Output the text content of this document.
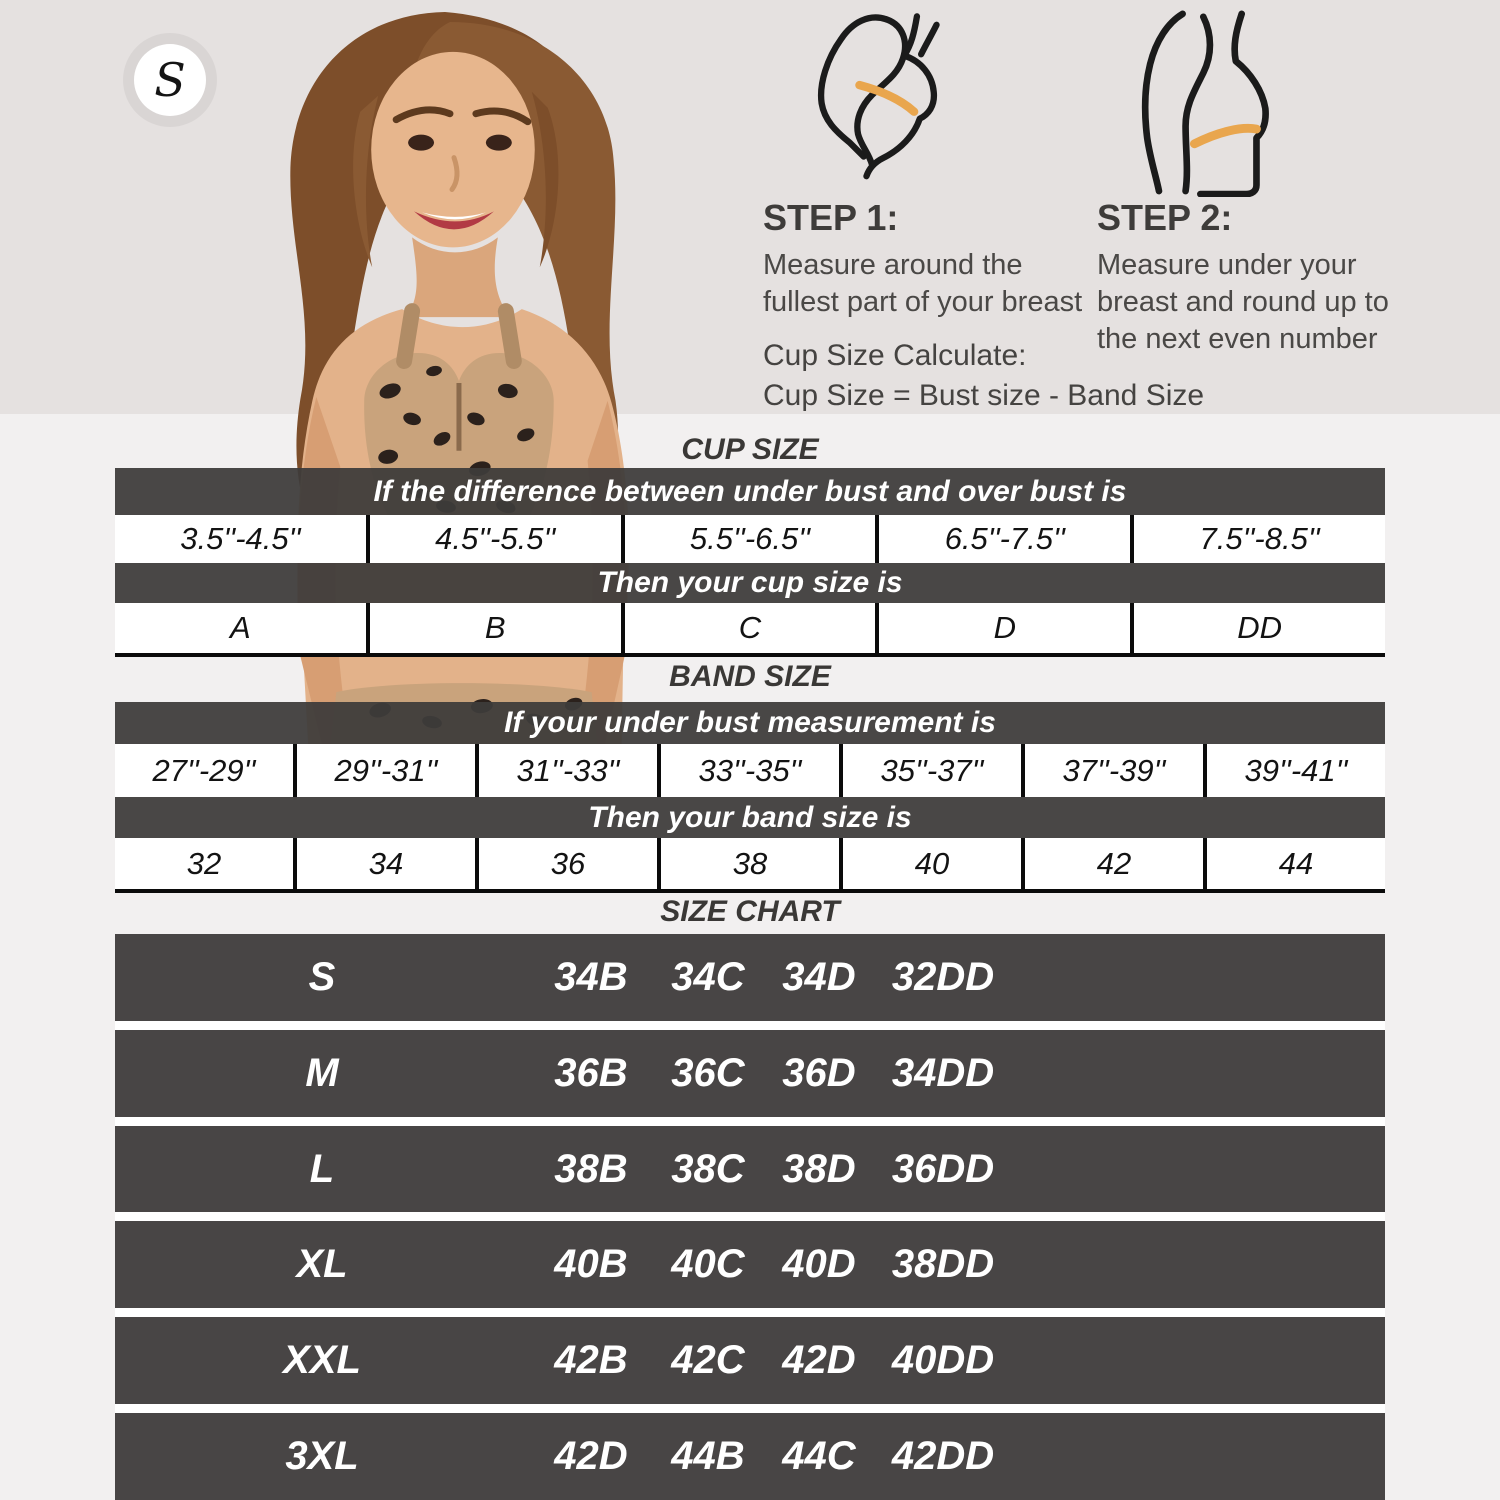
S
STEP 1:
Measure around the
fullest part of your breast
STEP 2:
Measure under your
breast and round up to
the next even number
Cup Size Calculate:
Cup Size = Bust size - Band Size
CUP SIZE
If the difference between under bust and over bust is
3.5''-4.5''	4.5''-5.5''	5.5''-6.5''	6.5''-7.5''	7.5''-8.5''
Then your cup size is
A	B	C	D	DD
BAND SIZE
If your under bust measurement is
27''-29''	29''-31''	31''-33''	33''-35''	35''-37''	37''-39''	39''-41''
Then your band size is
32	34	36	38	40	42	44
SIZE CHART
S	34B	34C 34D 32DD
M	36B	36C 36D 34DD
L	38B	38C 38D 36DD
XL	40B	40C 40D 38DD
XXL	42B	42C 42D 40DD
3XL	42D	44B 44C 42DD
